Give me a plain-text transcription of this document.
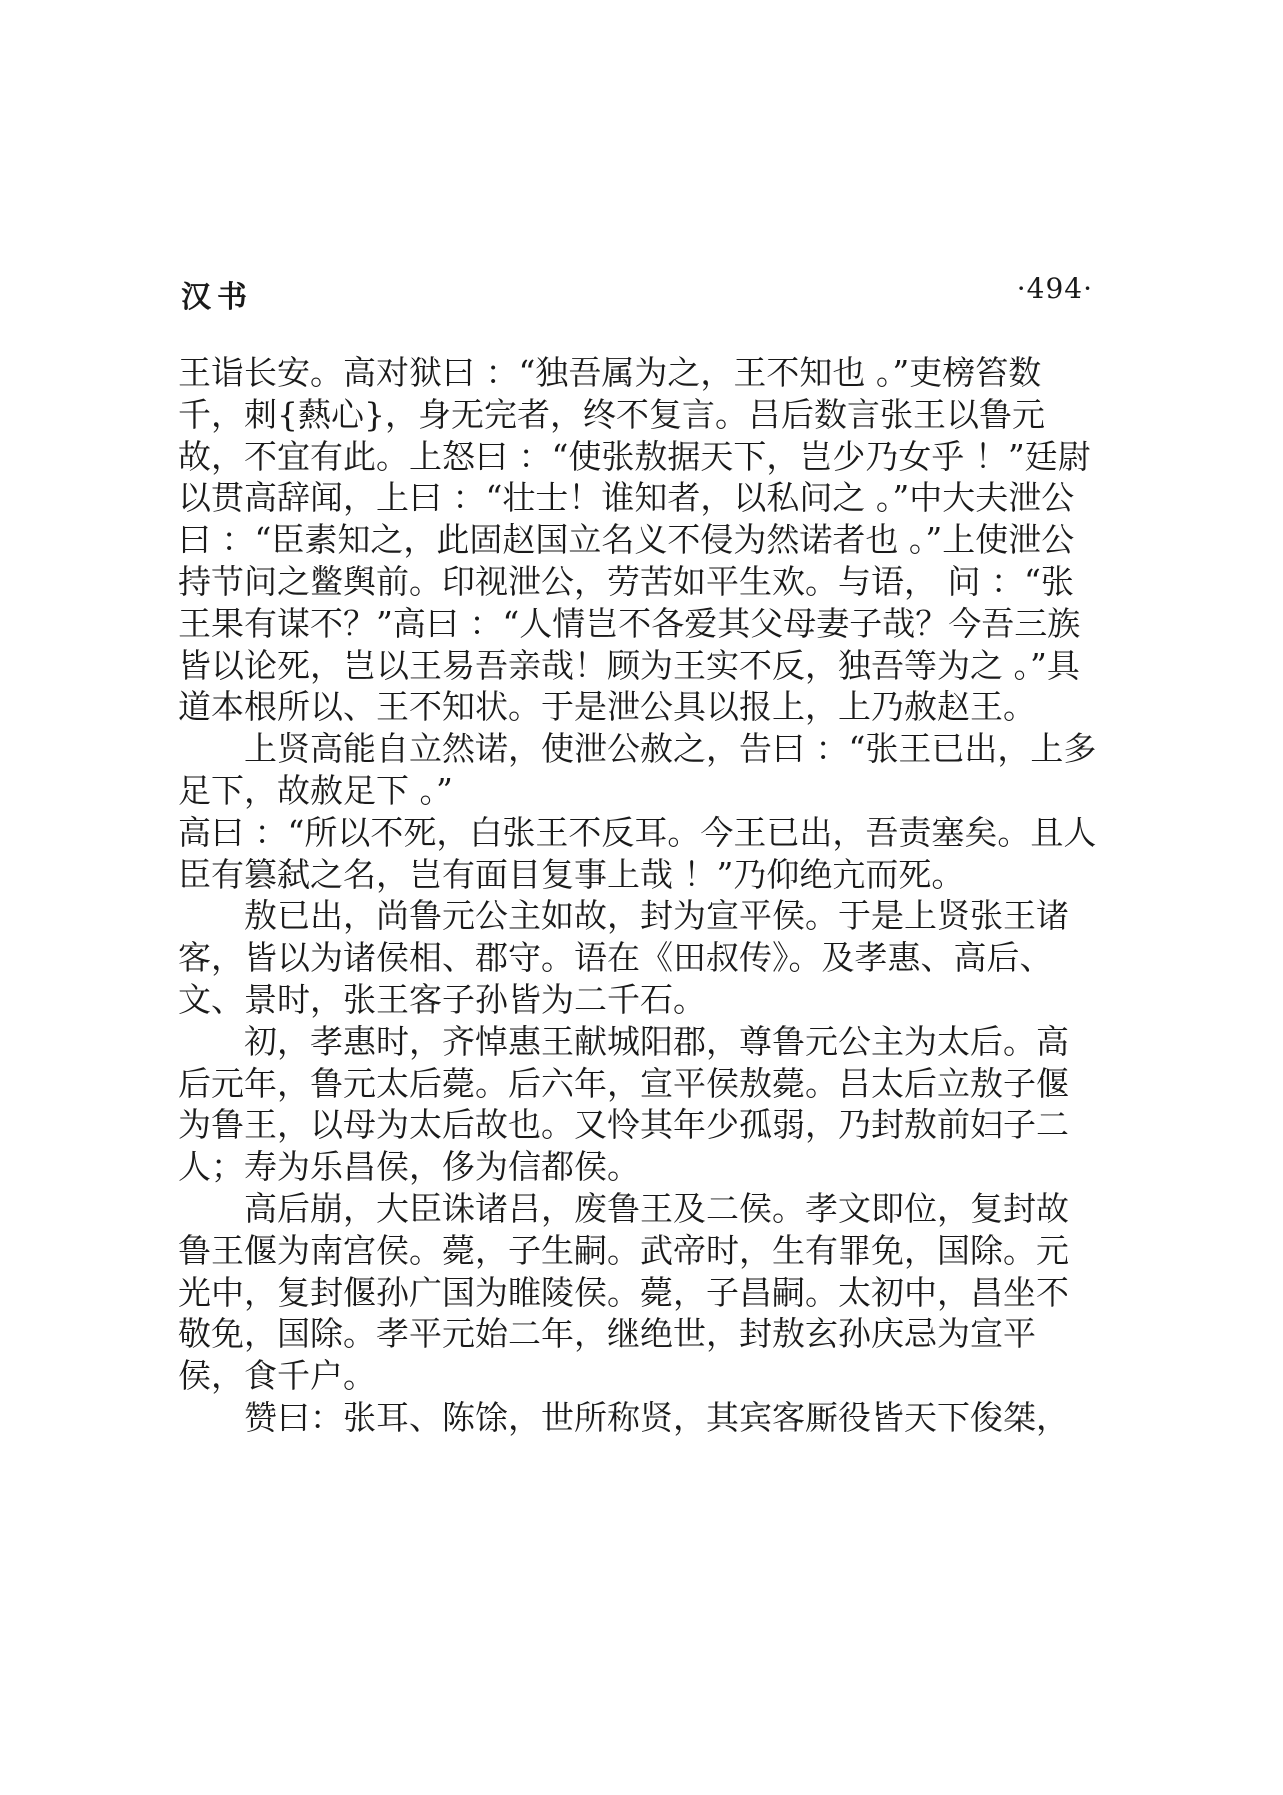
汉书	·494·

王诣长安。高对狱曰 ：“独吾属为之，王不知也 。”吏榜笞数千，刺{爇心}，身无完者，终不复言。吕后数言张王以鲁元故，不宜有此。上怒曰 ：“使张敖据天下，岂少乃女乎 ！”廷尉以贯高辞闻，上曰 ：“壮士！谁知者，以私问之 。”中大夫泄公曰 ：“臣素知之，此固赵国立名义不侵为然诺者也 。”上使泄公持节问之鳖舆前。印视泄公，劳苦如平生欢。与语， 问 ：“张王果有谋不？”高曰 ：“人情岂不各爱其父母妻子哉？今吾三族皆以论死，岂以王易吾亲哉！顾为王实不反，独吾等为之 。”具道本根所以、王不知状。于是泄公具以报上，上乃赦赵王。

上贤高能自立然诺，使泄公赦之，告曰 ：“张王已出，上多足下，故赦足下 。”

高曰 ：“所以不死，白张王不反耳。今王已出，吾责塞矣。且人臣有篡弑之名，岂有面目复事上哉 ！”乃仰绝亢而死。

敖已出，尚鲁元公主如故，封为宣平侯。于是上贤张王诸客，皆以为诸侯相、郡守。语在《田叔传》。及孝惠、高后、文、景时，张王客子孙皆为二千石。

初，孝惠时，齐悼惠王献城阳郡，尊鲁元公主为太后。高后元年，鲁元太后薨。后六年，宣平侯敖薨。吕太后立敖子偃为鲁王，以母为太后故也。又怜其年少孤弱，乃封敖前妇子二人；寿为乐昌侯，侈为信都侯。

高后崩，大臣诛诸吕，废鲁王及二侯。孝文即位，复封故鲁王偃为南宫侯。薨，子生嗣。武帝时，生有罪免，国除。元光中，复封偃孙广国为睢陵侯。薨，子昌嗣。太初中，昌坐不敬免，国除。孝平元始二年，继绝世，封敖玄孙庆忌为宣平侯，食千户。

赞曰：张耳、陈馀，世所称贤，其宾客厮役皆天下俊桀，
